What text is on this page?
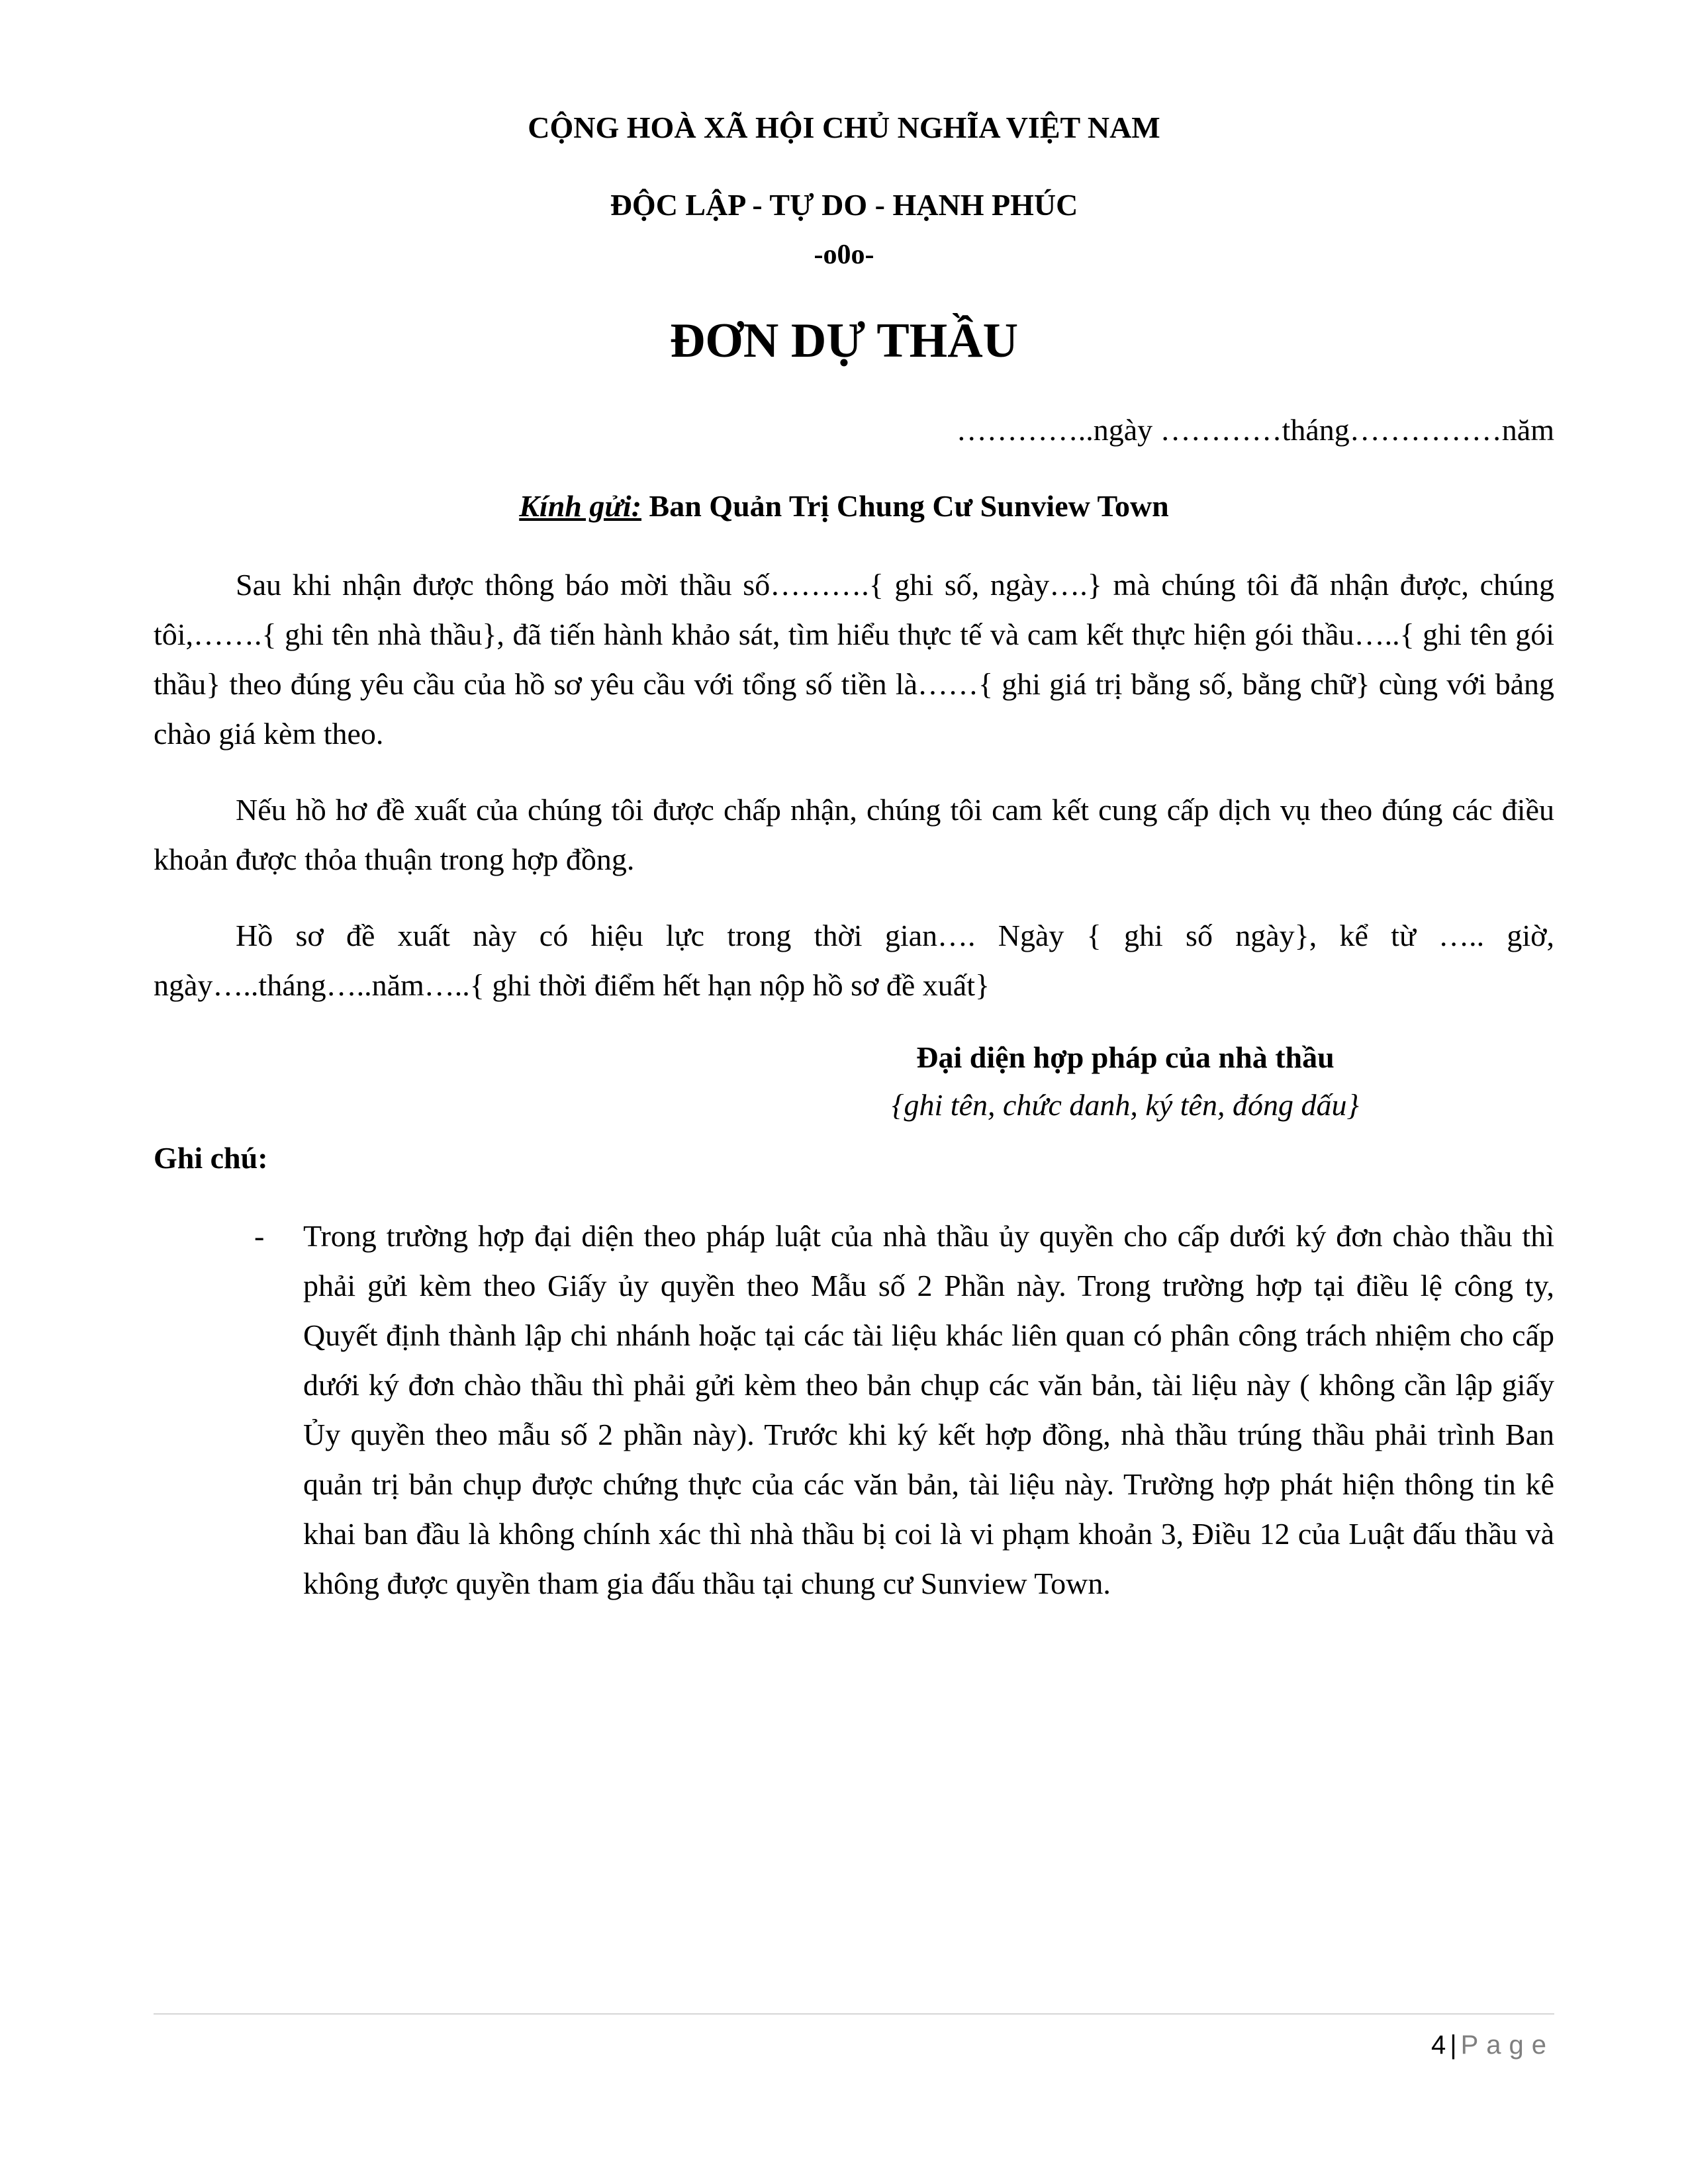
CỘNG HOÀ XÃ HỘI CHỦ NGHĨA VIỆT NAM
ĐỘC LẬP - TỰ DO - HẠNH PHÚC
-o0o-
ĐƠN DỰ THẦU
…………..ngày …………tháng……………năm
Kính gửi: Ban Quản Trị Chung Cư Sunview Town

Sau khi nhận được thông báo mời thầu số……….{ ghi số, ngày….} mà chúng tôi đã nhận được, chúng tôi,…….{ ghi tên nhà thầu}, đã tiến hành khảo sát, tìm hiểu thực tế và cam kết thực hiện gói thầu…..{ ghi tên gói thầu} theo đúng yêu cầu của hồ sơ yêu cầu với tổng số tiền là……{ ghi giá trị bằng số, bằng chữ} cùng với bảng chào giá kèm theo.

Nếu hồ hơ đề xuất của chúng tôi được chấp nhận, chúng tôi cam kết cung cấp dịch vụ theo đúng các điều khoản được thỏa thuận trong hợp đồng.

Hồ sơ đề xuất này có hiệu lực trong thời gian…. Ngày { ghi số ngày}, kể từ ….. giờ, ngày…..tháng…..năm…..{ ghi thời điểm hết hạn nộp hồ sơ đề xuất}

Đại diện hợp pháp của nhà thầu
{ghi tên, chức danh, ký tên, đóng dấu}
Ghi chú:
- Trong trường hợp đại diện theo pháp luật của nhà thầu ủy quyền cho cấp dưới ký đơn chào thầu thì phải gửi kèm theo Giấy ủy quyền theo Mẫu số 2 Phần này. Trong trường hợp tại điều lệ công ty, Quyết định thành lập chi nhánh hoặc tại các tài liệu khác liên quan có phân công trách nhiệm cho cấp dưới ký đơn chào thầu thì phải gửi kèm theo bản chụp các văn bản, tài liệu này ( không cần lập giấy Ủy quyền theo mẫu số 2 phần này). Trước khi ký kết hợp đồng, nhà thầu trúng thầu phải trình Ban quản trị bản chụp được chứng thực của các văn bản, tài liệu này. Trường hợp phát hiện thông tin kê khai ban đầu là không chính xác thì nhà thầu bị coi là vi phạm khoản 3, Điều 12 của Luật đấu thầu và không được quyền tham gia đấu thầu tại chung cư Sunview Town.

4 | Page
